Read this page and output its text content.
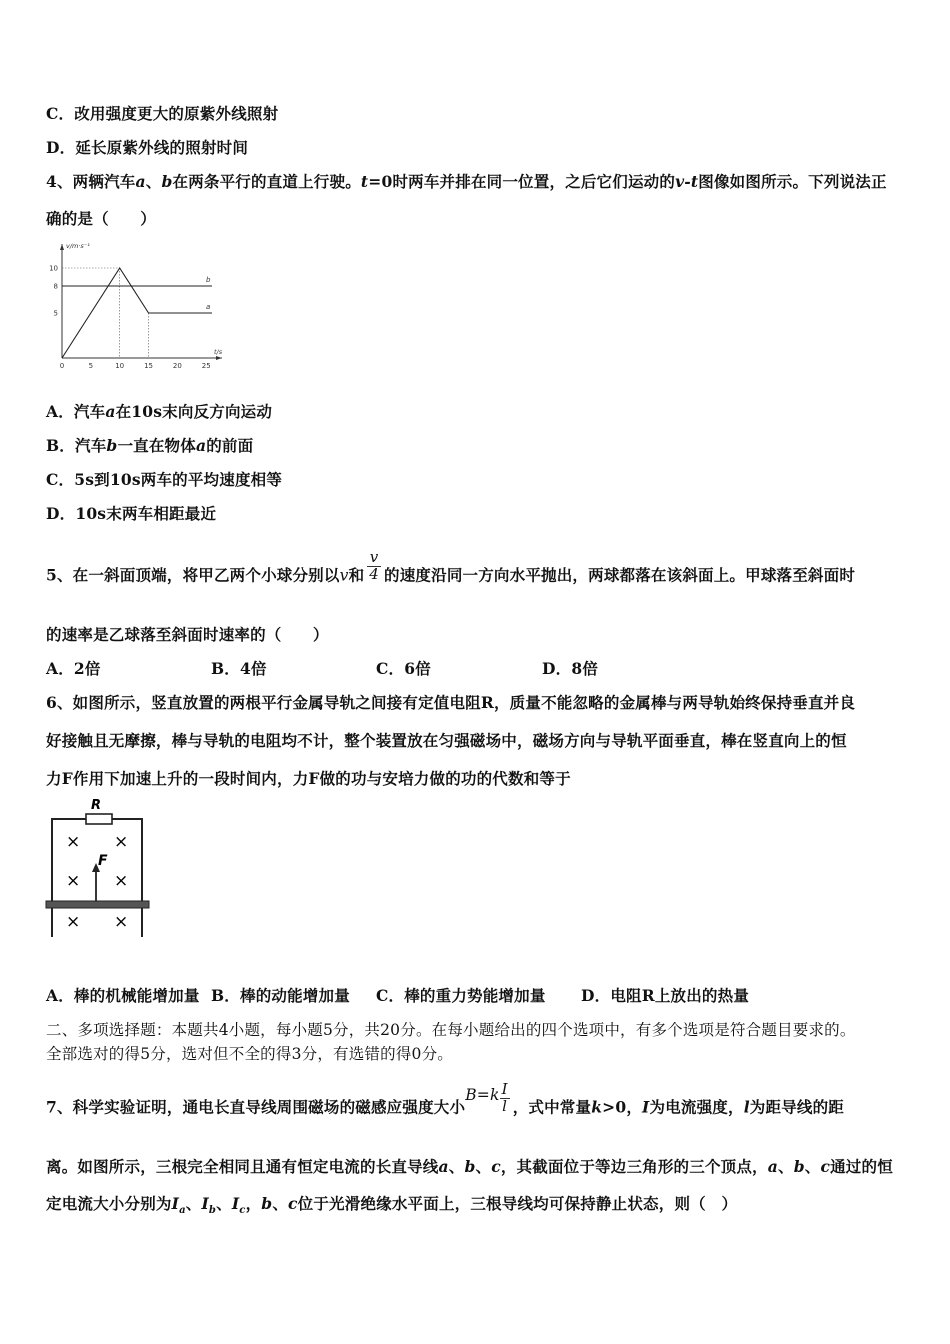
C．改用强度更大的原紫外线照射
D．延长原紫外线的照射时间
4、两辆汽车a、b在两条平行的直道上行驶。t=0时两车并排在同一位置，之后它们运动的v-t图像如图所示。下列说法正
确的是（　　）
v/m·s⁻¹
t/s
0	5	10	15	20	25
5
8
10
a
b
A．汽车a在10s末向反方向运动
B．汽车b一直在物体a的前面
C．5s到10s两车的平均速度相等
D．10s末两车相距最近
5、在一斜面顶端，将甲乙两个小球分别以v和 $\frac{v}{4}$ 的速度沿同一方向水平抛出，两球都落在该斜面上。甲球落至斜面时
的速率是乙球落至斜面时速率的（　　）
A．2倍	B．4倍	C．6倍	D．8倍
6、如图所示，竖直放置的两根平行金属导轨之间接有定值电阻R，质量不能忽略的金属棒与两导轨始终保持垂直并良
好接触且无摩擦，棒与导轨的电阻均不计，整个装置放在匀强磁场中，磁场方向与导轨平面垂直，棒在竖直向上的恒
力F作用下加速上升的一段时间内，力F做的功与安培力做的功的代数和等于
R
F
× ×
× ×
× ×
A．棒的机械能增加量 B．棒的动能增加量 C．棒的重力势能增加量 D．电阻R上放出的热量
二、多项选择题：本题共4小题，每小题5分，共20分。在每小题给出的四个选项中，有多个选项是符合题目要求的。
全部选对的得5分，选对但不全的得3分，有选错的得0分。
7、科学实验证明，通电长直导线周围磁场的磁感应强度大小$B=k \frac{I}{l}$ ，式中常量k>0，I为电流强度，l为距导线的距
离。如图所示，三根完全相同且通有恒定电流的长直导线a、b、c，其截面位于等边三角形的三个顶点，a、b、c通过的恒
定电流大小分别为$I_a$、$I_b$、$I_c$，b、c位于光滑绝缘水平面上，三根导线均可保持静止状态，则（　）
